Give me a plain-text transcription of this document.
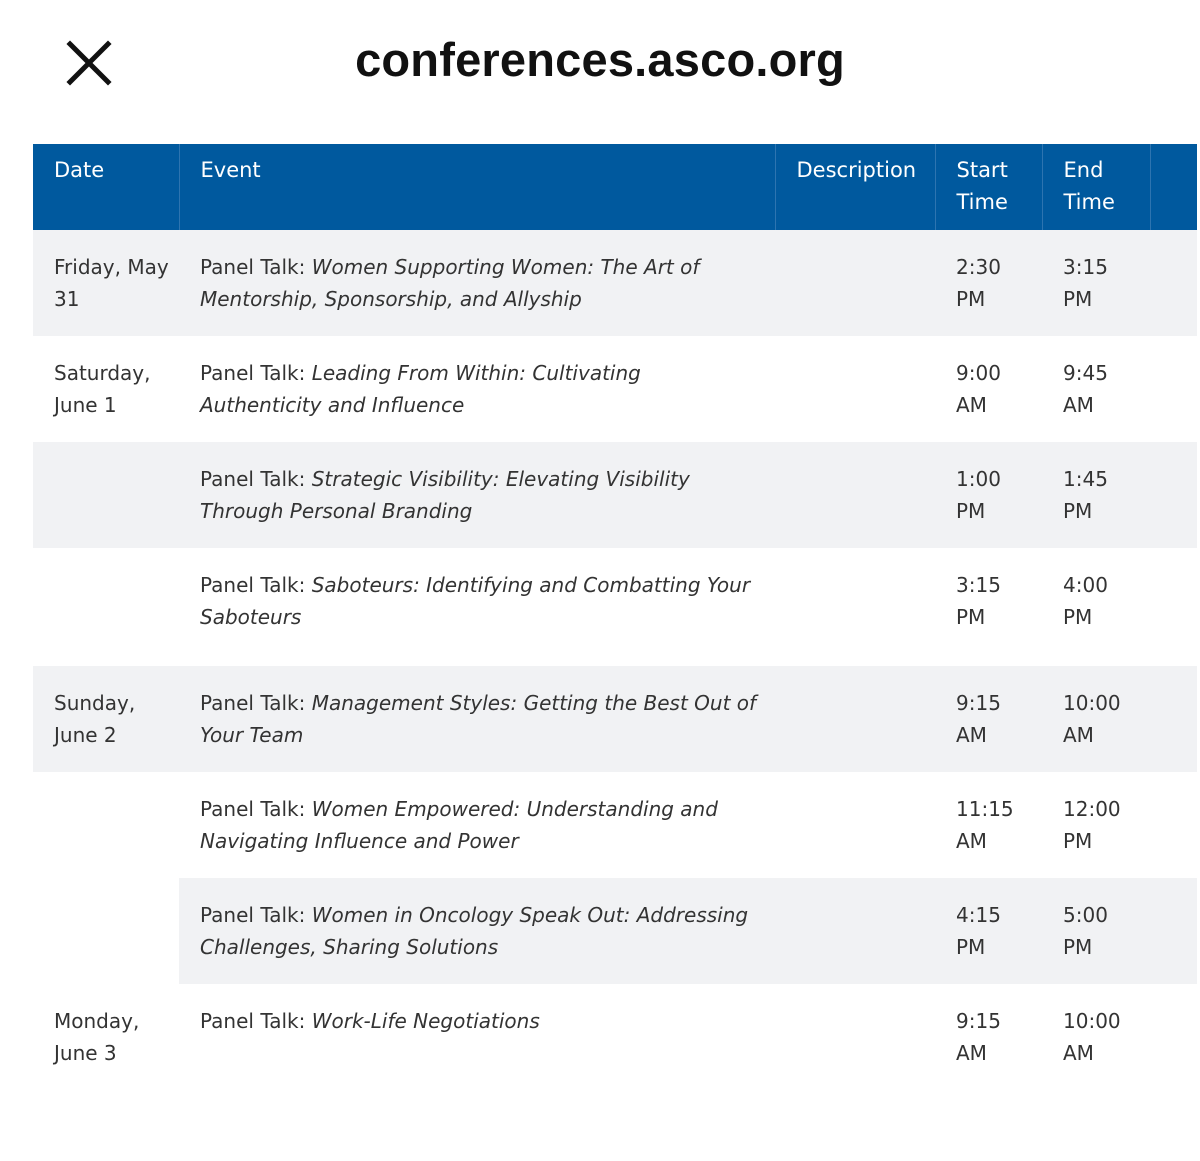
conferences.asco.org
Date	Event	Description	Start Time	End Time	
Friday, May 31	Panel Talk: Women Supporting Women: The Art of Mentorship, Sponsorship, and Allyship		2:30 PM	3:15 PM	
Saturday, June 1	Panel Talk: Leading From Within: Cultivating Authenticity and Influence		9:00 AM	9:45 AM	
	Panel Talk: Strategic Visibility: Elevating Visibility Through Personal Branding		1:00 PM	1:45 PM	
	Panel Talk: Saboteurs: Identifying and Combatting Your Saboteurs		3:15 PM	4:00 PM	
Sunday, June 2	Panel Talk: Management Styles: Getting the Best Out of Your Team		9:15 AM	10:00 AM	
	Panel Talk: Women Empowered: Understanding and Navigating Influence and Power		11:15 AM	12:00 PM	
	Panel Talk: Women in Oncology Speak Out: Addressing Challenges, Sharing Solutions		4:15 PM	5:00 PM	
Monday, June 3	Panel Talk: Work-Life Negotiations		9:15 AM	10:00 AM	
